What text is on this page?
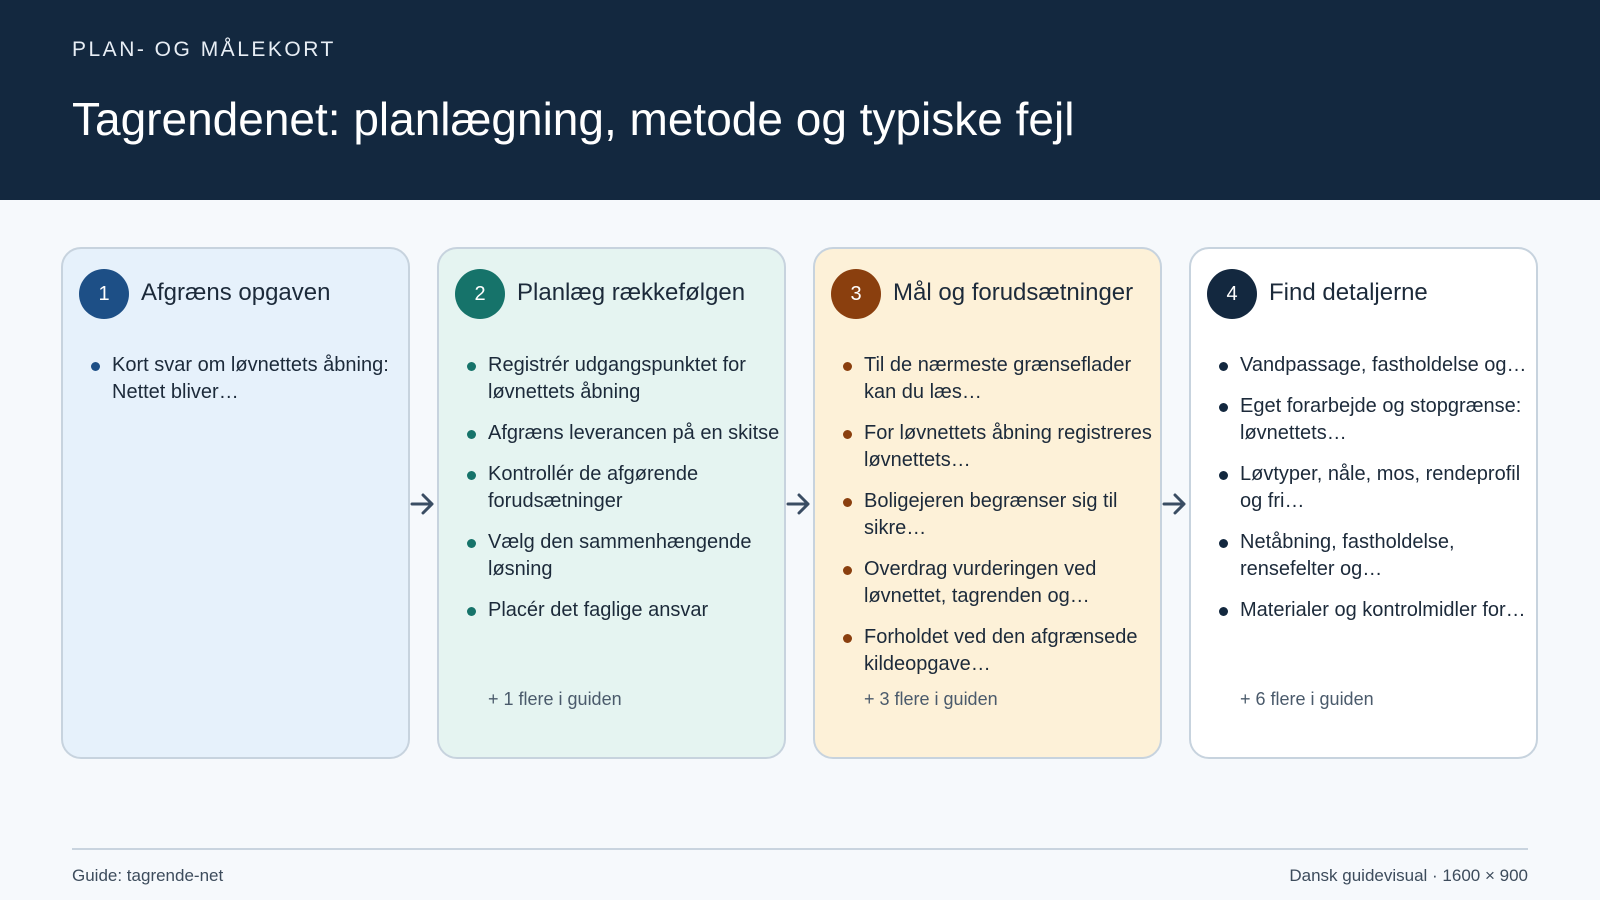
PLAN- OG MÅLEKORT
Tagrendenet: planlægning, metode og typiske fejl
1	Afgræns opgaven
Kort svar om løvnettets åbning: Nettet bliver…
2	Planlæg rækkefølgen
Registrér udgangspunktet for løvnettets åbning
Afgræns leverancen på en skitse
Kontrollér de afgørende forudsætninger
Vælg den sammenhængende løsning
Placér det faglige ansvar
+ 1 flere i guiden
3	Mål og forudsætninger
Til de nærmeste grænseflader kan du læs…
For løvnettets åbning registreres løvnettets…
Boligejeren begrænser sig til sikre…
Overdrag vurderingen ved løvnettet, tagrenden og…
Forholdet ved den afgrænsede kildeopgave…
+ 3 flere i guiden
4	Find detaljerne
Vandpassage, fastholdelse og…
Eget forarbejde og stopgrænse: løvnettets…
Løvtyper, nåle, mos, rendeprofil og fri…
Netåbning, fastholdelse, rensefelter og…
Materialer og kontrolmidler for…
+ 6 flere i guiden
Guide: tagrende-net	Dansk guidevisual · 1600 × 900
